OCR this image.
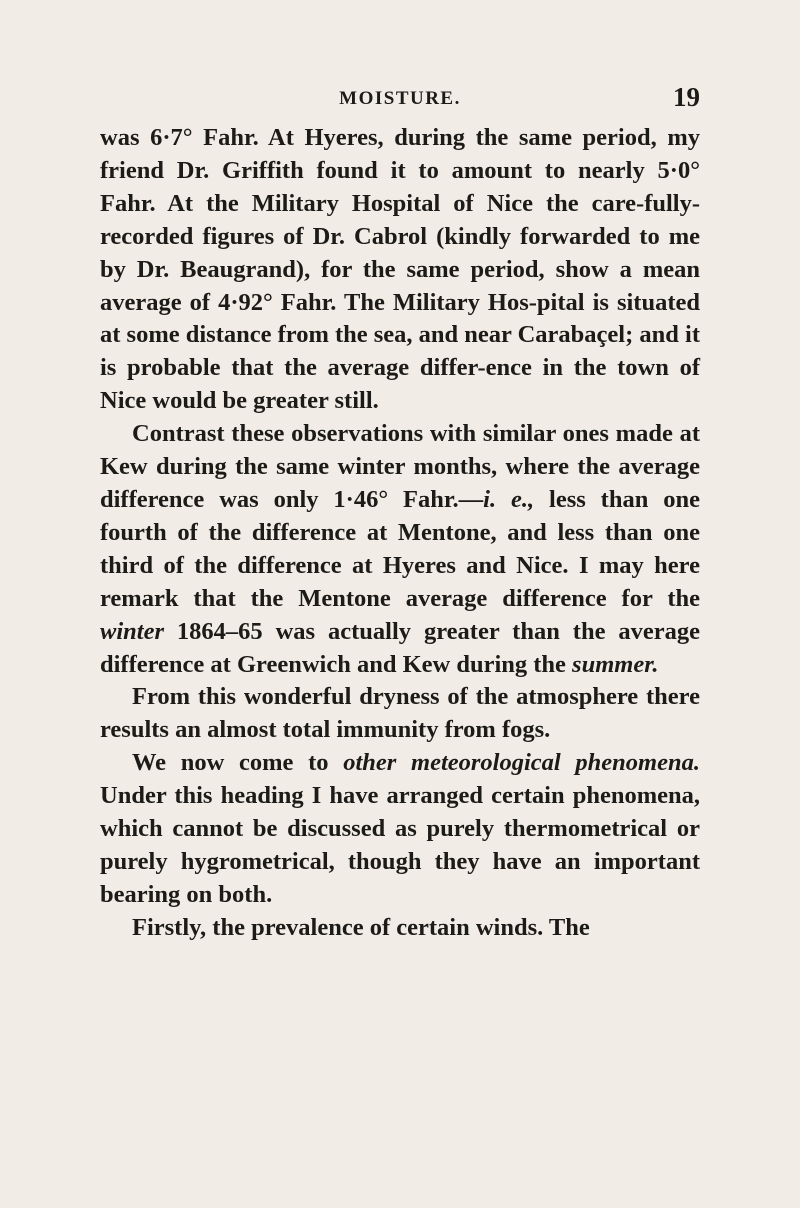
MOISTURE.	19

was 6·7° Fahr. At Hyeres, during the same period, my friend Dr. Griffith found it to amount to nearly 5·0° Fahr. At the Military Hospital of Nice the care-fully-recorded figures of Dr. Cabrol (kindly forwarded to me by Dr. Beaugrand), for the same period, show a mean average of 4·92° Fahr. The Military Hos-pital is situated at some distance from the sea, and near Carabaçel; and it is probable that the average differ-ence in the town of Nice would be greater still.

Contrast these observations with similar ones made at Kew during the same winter months, where the average difference was only 1·46° Fahr.—i. e., less than one fourth of the difference at Mentone, and less than one third of the difference at Hyeres and Nice. I may here remark that the Mentone average difference for the winter 1864–65 was actually greater than the average difference at Greenwich and Kew during the summer.

From this wonderful dryness of the atmosphere there results an almost total immunity from fogs.

We now come to other meteorological phenomena. Under this heading I have arranged certain phenomena, which cannot be discussed as purely thermometrical or purely hygrometrical, though they have an important bearing on both.

Firstly, the prevalence of certain winds. The
